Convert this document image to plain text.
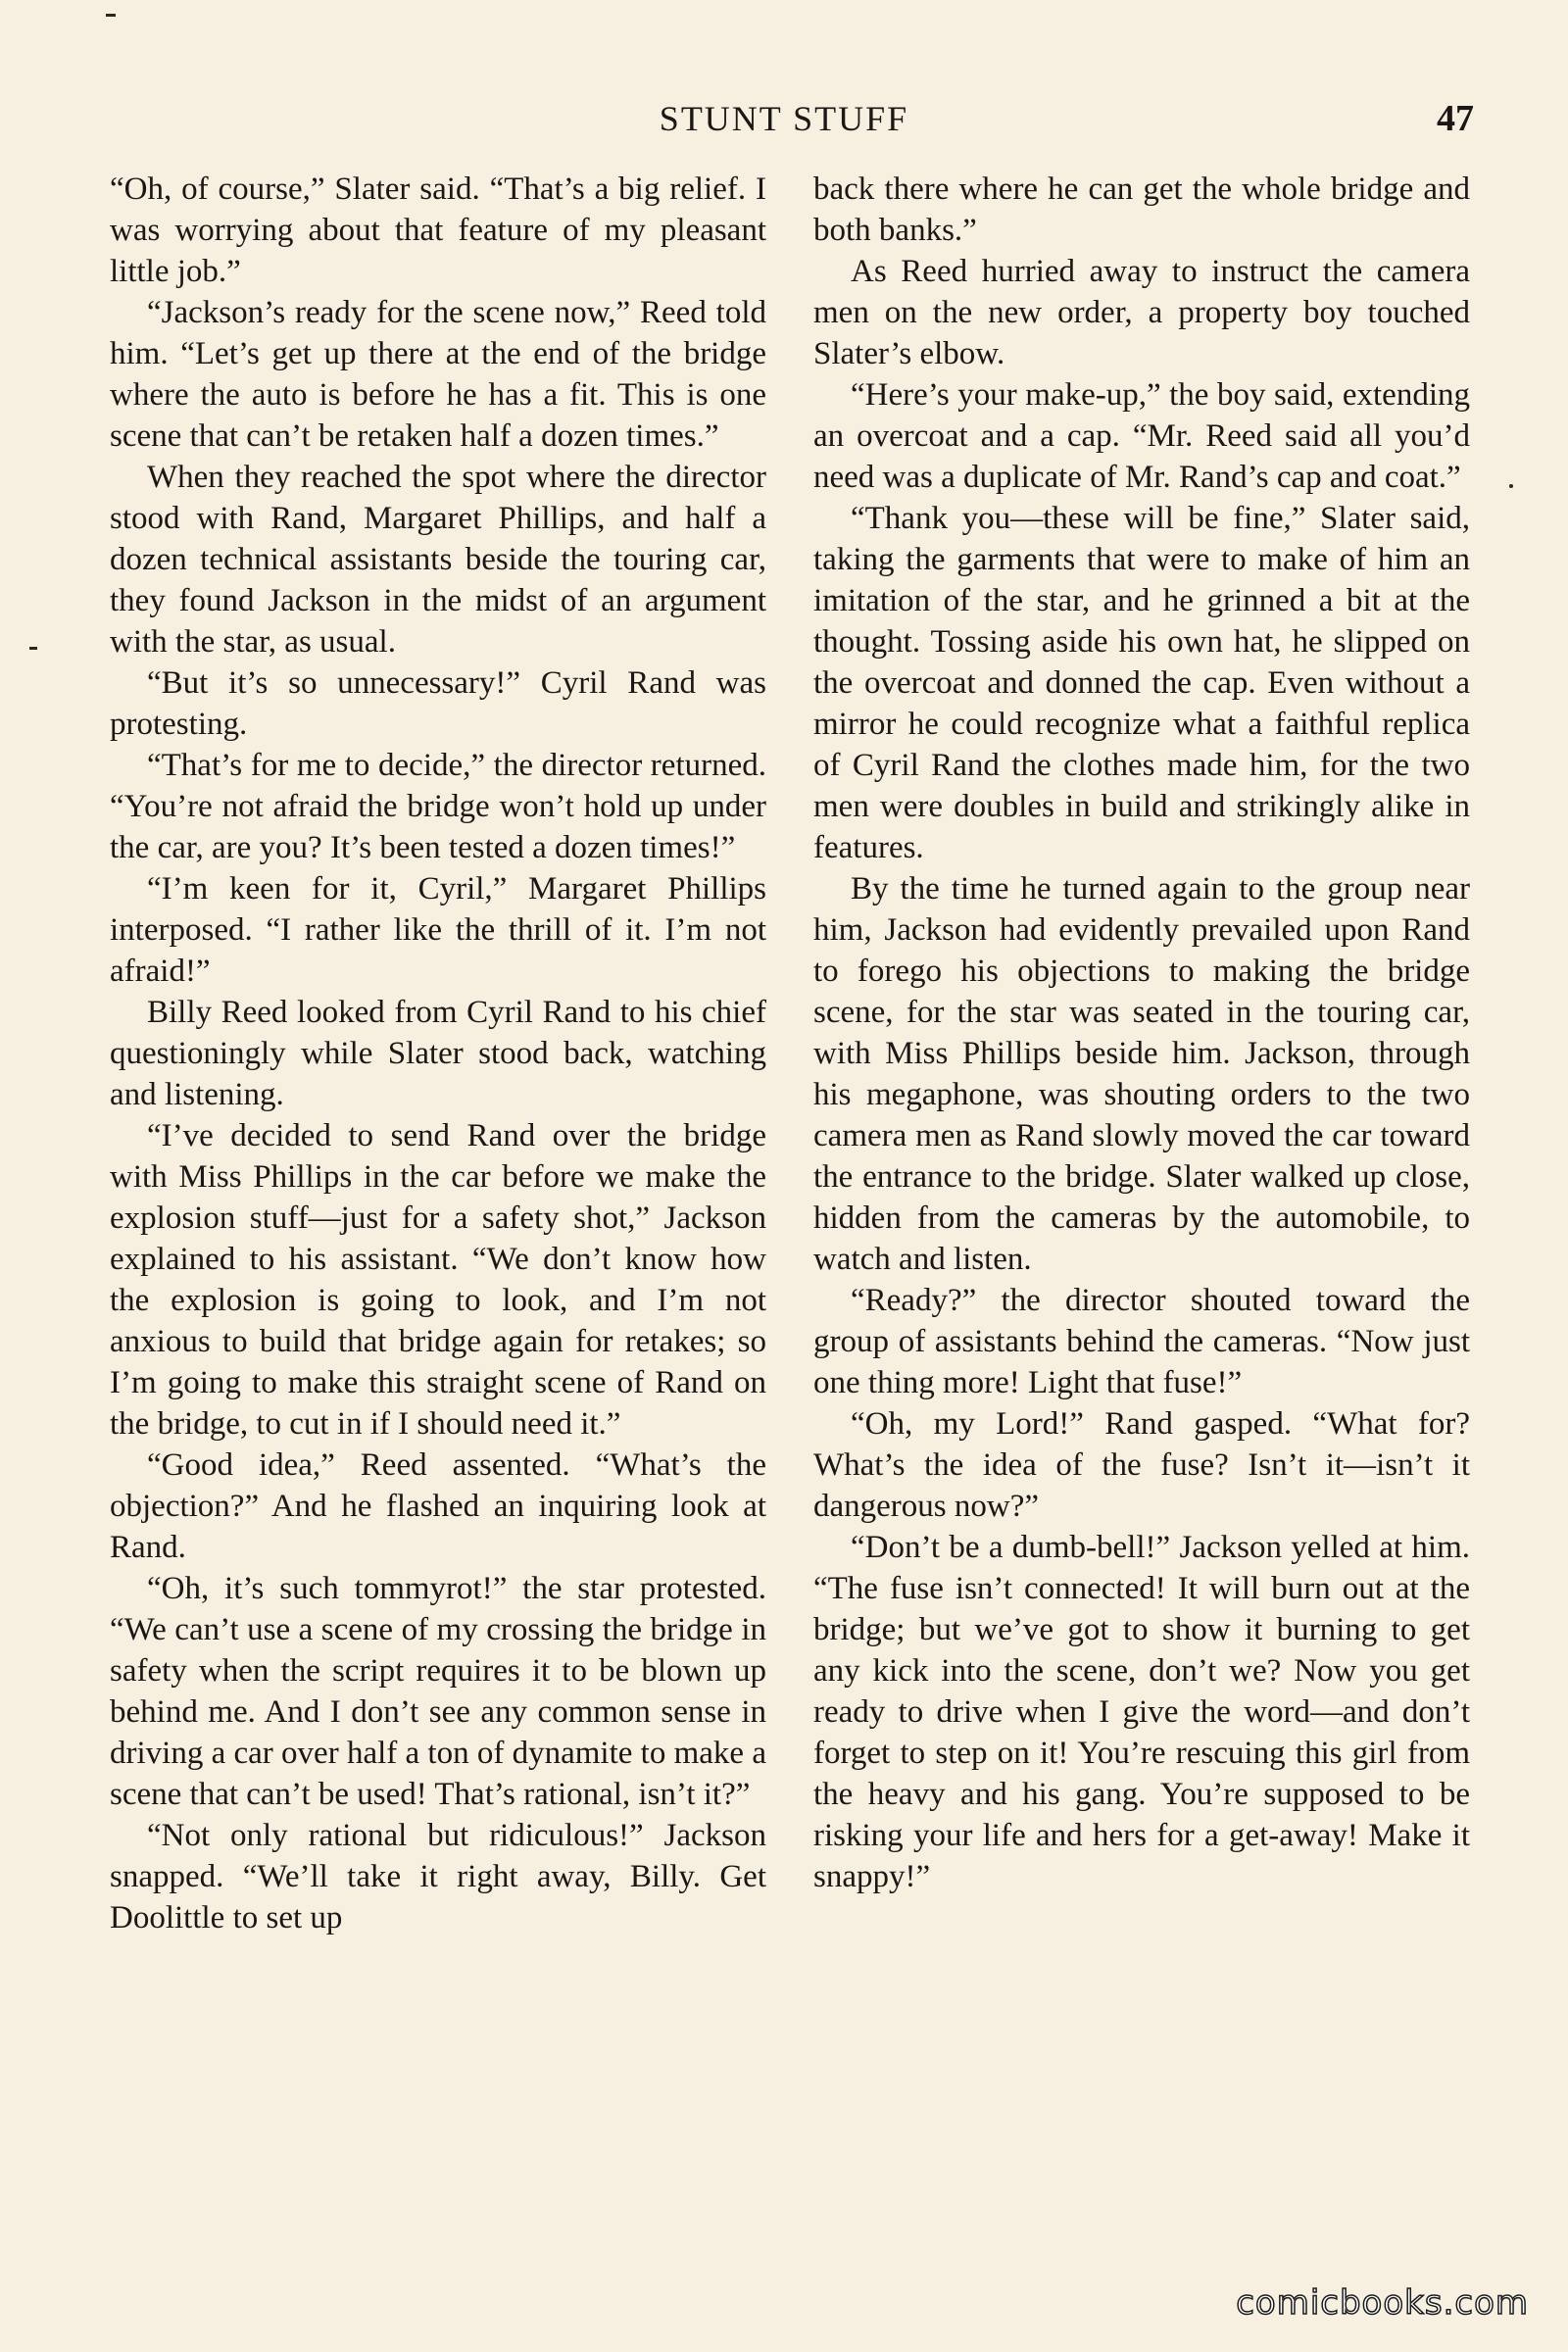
STUNT STUFF	47

“Oh, of course,” Slater said. “That’s a big relief. I was worrying about that feature of my pleasant little job.”

“Jackson’s ready for the scene now,” Reed told him. “Let’s get up there at the end of the bridge where the auto is before he has a fit. This is one scene that can’t be retaken half a dozen times.”

When they reached the spot where the director stood with Rand, Margaret Phillips, and half a dozen technical assistants beside the touring car, they found Jackson in the midst of an argument with the star, as usual.

“But it’s so unnecessary!” Cyril Rand was protesting.

“That’s for me to decide,” the director returned. “You’re not afraid the bridge won’t hold up under the car, are you? It’s been tested a dozen times!”

“I’m keen for it, Cyril,” Margaret Phillips interposed. “I rather like the thrill of it. I’m not afraid!”

Billy Reed looked from Cyril Rand to his chief questioningly while Slater stood back, watching and listening.

“I’ve decided to send Rand over the bridge with Miss Phillips in the car before we make the explosion stuff—just for a safety shot,” Jackson explained to his assistant. “We don’t know how the explosion is going to look, and I’m not anxious to build that bridge again for retakes; so I’m going to make this straight scene of Rand on the bridge, to cut in if I should need it.”

“Good idea,” Reed assented. “What’s the objection?” And he flashed an inquiring look at Rand.

“Oh, it’s such tommyrot!” the star protested. “We can’t use a scene of my crossing the bridge in safety when the script requires it to be blown up behind me. And I don’t see any common sense in driving a car over half a ton of dynamite to make a scene that can’t be used! That’s rational, isn’t it?”

“Not only rational but ridiculous!” Jackson snapped. “We’ll take it right away, Billy. Get Doolittle to set up

back there where he can get the whole bridge and both banks.”

As Reed hurried away to instruct the camera men on the new order, a property boy touched Slater’s elbow.

“Here’s your make-up,” the boy said, extending an overcoat and a cap. “Mr. Reed said all you’d need was a duplicate of Mr. Rand’s cap and coat.”

“Thank you—these will be fine,” Slater said, taking the garments that were to make of him an imitation of the star, and he grinned a bit at the thought. Tossing aside his own hat, he slipped on the overcoat and donned the cap. Even without a mirror he could recognize what a faithful replica of Cyril Rand the clothes made him, for the two men were doubles in build and strikingly alike in features.

By the time he turned again to the group near him, Jackson had evidently prevailed upon Rand to forego his objections to making the bridge scene, for the star was seated in the touring car, with Miss Phillips beside him. Jackson, through his megaphone, was shouting orders to the two camera men as Rand slowly moved the car toward the entrance to the bridge. Slater walked up close, hidden from the cameras by the automobile, to watch and listen.

“Ready?” the director shouted toward the group of assistants behind the cameras. “Now just one thing more! Light that fuse!”

“Oh, my Lord!” Rand gasped. “What for? What’s the idea of the fuse? Isn’t it—isn’t it dangerous now?”

“Don’t be a dumb-bell!” Jackson yelled at him. “The fuse isn’t connected! It will burn out at the bridge; but we’ve got to show it burning to get any kick into the scene, don’t we? Now you get ready to drive when I give the word—and don’t forget to step on it! You’re rescuing this girl from the heavy and his gang. You’re supposed to be risking your life and hers for a get-away! Make it snappy!”

comicbooks.com
